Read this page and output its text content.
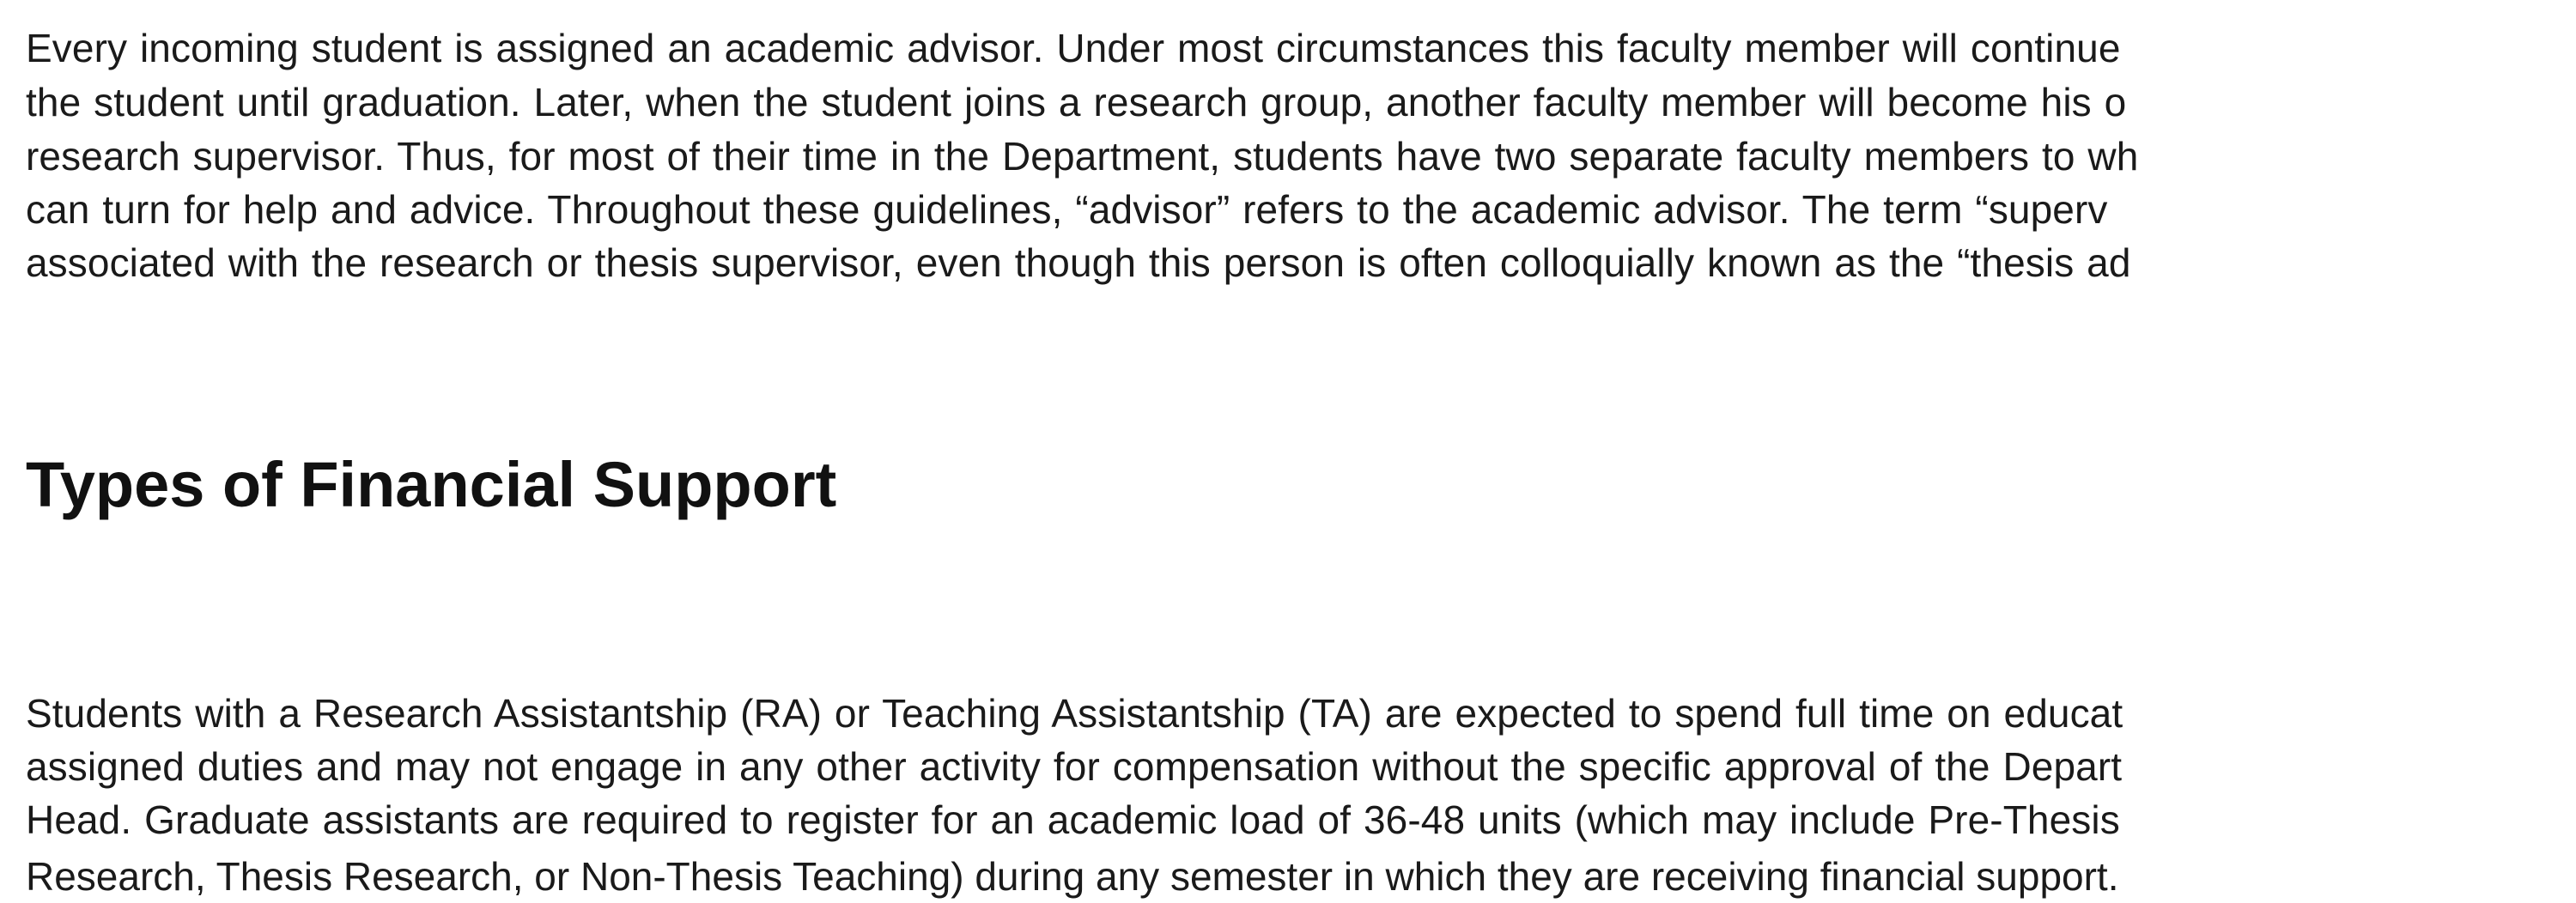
Every incoming student is assigned an academic advisor. Under most circumstances this faculty member will continue

the student until graduation. Later, when the student joins a research group, another faculty member will become his o

research supervisor. Thus, for most of their time in the Department, students have two separate faculty members to wh

can turn for help and advice. Throughout these guidelines, “advisor” refers to the academic advisor. The term “superv

associated with the research or thesis supervisor, even though this person is often colloquially known as the “thesis ad

Types of Financial Support

Students with a Research Assistantship (RA) or Teaching Assistantship (TA) are expected to spend full time on educat

assigned duties and may not engage in any other activity for compensation without the specific approval of the Depart

Head. Graduate assistants are required to register for an academic load of 36-48 units (which may include Pre-Thesis

Research, Thesis Research, or Non-Thesis Teaching) during any semester in which they are receiving financial support.
